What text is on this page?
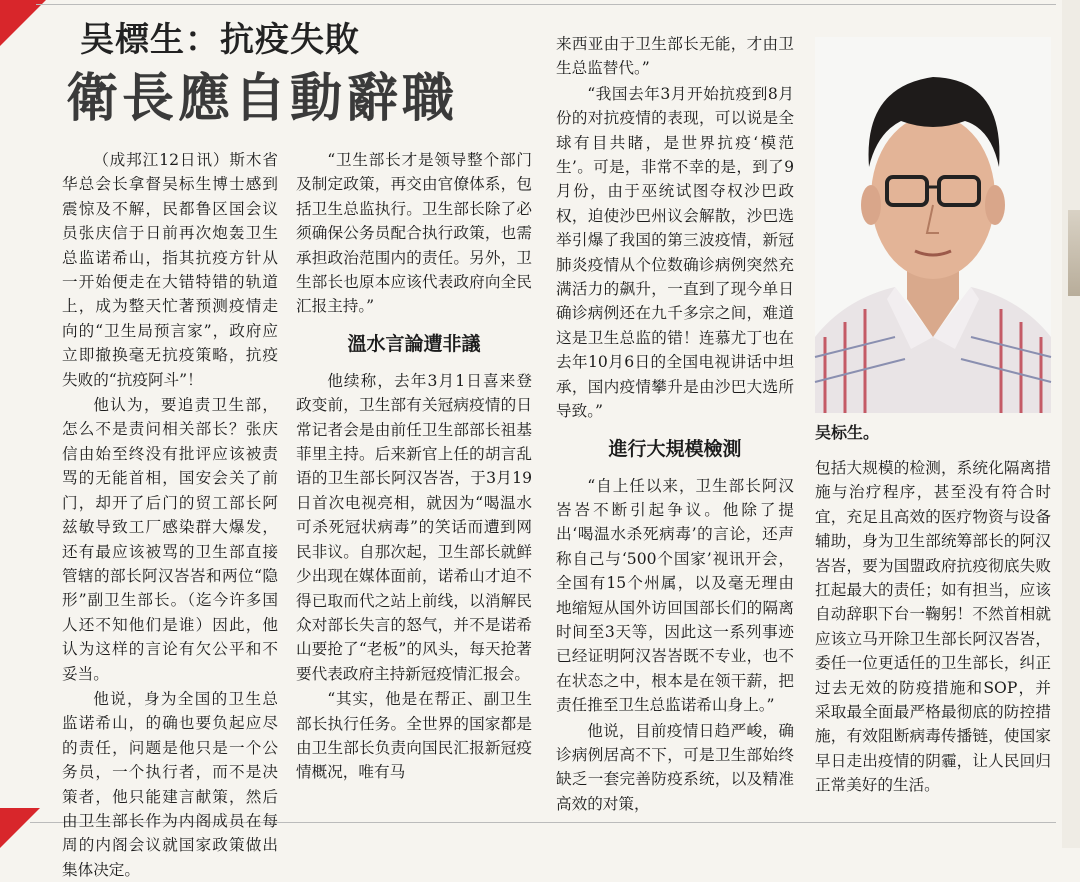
吴標生：抗疫失敗
衛長應自動辭職

（成邦江12日讯）斯木省华总会长拿督吴标生博士感到震惊及不解，民都鲁区国会议员张庆信于日前再次炮轰卫生总监诺希山，指其抗疫方针从一开始便走在大错特错的轨道上，成为整天忙著预测疫情走向的“卫生局预言家”，政府应立即撤换毫无抗疫策略，抗疫失败的“抗疫阿斗”！

他认为，要追责卫生部，怎么不是责问相关部长？张庆信由始至终没有批评应该被责骂的无能首相，国安会关了前门，却开了后门的贸工部长阿兹敏导致工厂感染群大爆发，还有最应该被骂的卫生部直接管辖的部长阿汉峇峇和两位“隐形”副卫生部长。（迄今许多国人还不知他们是谁）因此，他认为这样的言论有欠公平和不妥当。

他说，身为全国的卫生总监诺希山，的确也要负起应尽的责任，问题是他只是一个公务员，一个执行者，而不是决策者，他只能建言献策，然后由卫生部长作为内阁成员在每周的内阁会议就国家政策做出集体决定。

“卫生部长才是领导整个部门及制定政策，再交由官僚体系，包括卫生总监执行。卫生部长除了必须确保公务员配合执行政策，也需承担政治范围内的责任。另外，卫生部长也原本应该代表政府向全民汇报主持。”

溫水言論遭非議

他续称，去年3月1日喜来登政变前，卫生部有关冠病疫情的日常记者会是由前任卫生部部长祖基菲里主持。后来新官上任的胡言乱语的卫生部长阿汉峇峇，于3月19日首次电视亮相，就因为“喝温水可杀死冠状病毒”的笑话而遭到网民非议。自那次起，卫生部长就鲜少出现在媒体面前，诺希山才迫不得已取而代之站上前线，以消解民众对部长失言的怒气，并不是诺希山要抢了“老板”的风头，每天抢著要代表政府主持新冠疫情汇报会。

“其实，他是在帮正、副卫生部长执行任务。全世界的国家都是由卫生部长负责向国民汇报新冠疫情概况，唯有马

来西亚由于卫生部长无能，才由卫生总监替代。”

“我国去年3月开始抗疫到8月份的对抗疫情的表现，可以说是全球有目共睹，是世界抗疫‘模范生’。可是，非常不幸的是，到了9月份，由于巫统试图夺权沙巴政权，迫使沙巴州议会解散，沙巴选举引爆了我国的第三波疫情，新冠肺炎疫情从个位数确诊病例突然充满活力的飙升，一直到了现今单日确诊病例还在九千多宗之间，难道这是卫生总监的错！连慕尤丁也在去年10月6日的全国电视讲话中坦承，国内疫情攀升是由沙巴大选所导致。”

進行大規模檢測

“自上任以来，卫生部长阿汉峇峇不断引起争议。他除了提出‘喝温水杀死病毒’的言论，还声称自己与‘500个国家’视讯开会，全国有15个州属，以及毫无理由地缩短从国外访回国部长们的隔离时间至3天等，因此这一系列事迹已经证明阿汉峇峇既不专业，也不在状态之中，根本是在领干薪，把责任推至卫生总监诺希山身上。”

他说，目前疫情日趋严峻，确诊病例居高不下，可是卫生部始终缺乏一套完善防疫系统，以及精准高效的对策，

吴标生。

包括大规模的检测，系统化隔离措施与治疗程序，甚至没有符合时宜，充足且高效的医疗物资与设备辅助，身为卫生部统筹部长的阿汉峇峇，要为国盟政府抗疫彻底失败扛起最大的责任；如有担当，应该自动辞职下台一鞠躬！不然首相就应该立马开除卫生部长阿汉峇峇，委任一位更适任的卫生部长，纠正过去无效的防疫措施和SOP，并采取最全面最严格最彻底的防控措施，有效阻断病毒传播链，使国家早日走出疫情的阴霾，让人民回归正常美好的生活。
